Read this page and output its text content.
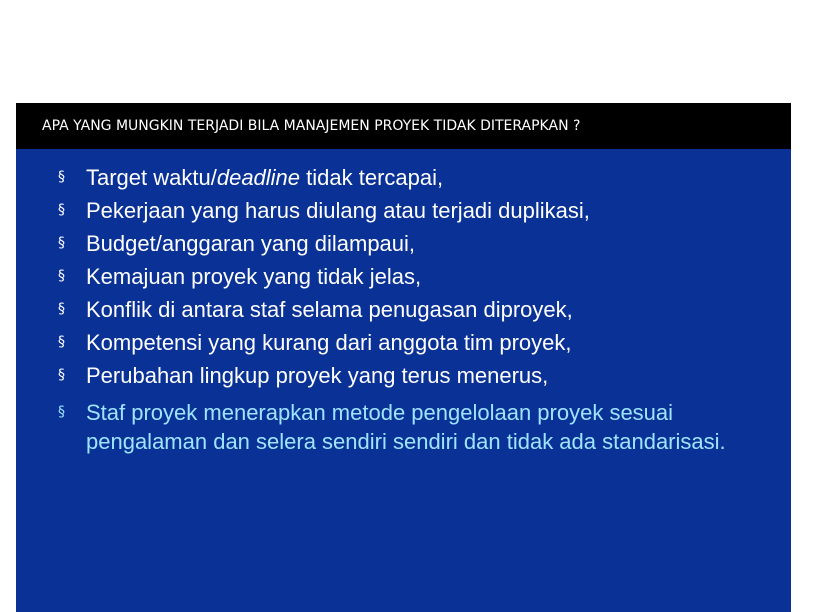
APA YANG MUNGKIN TERJADI BILA MANAJEMEN PROYEK TIDAK DITERAPKAN ?
§ Target waktu/deadline tidak tercapai,
§ Pekerjaan yang harus diulang atau terjadi duplikasi,
§ Budget/anggaran yang dilampaui,
§ Kemajuan proyek yang tidak jelas,
§ Konflik di antara staf selama penugasan diproyek,
§ Kompetensi yang kurang dari anggota tim proyek,
§ Perubahan lingkup proyek yang terus menerus,
§ Staf proyek menerapkan metode pengelolaan proyek sesuai pengalaman dan selera sendiri sendiri dan tidak ada standarisasi.
